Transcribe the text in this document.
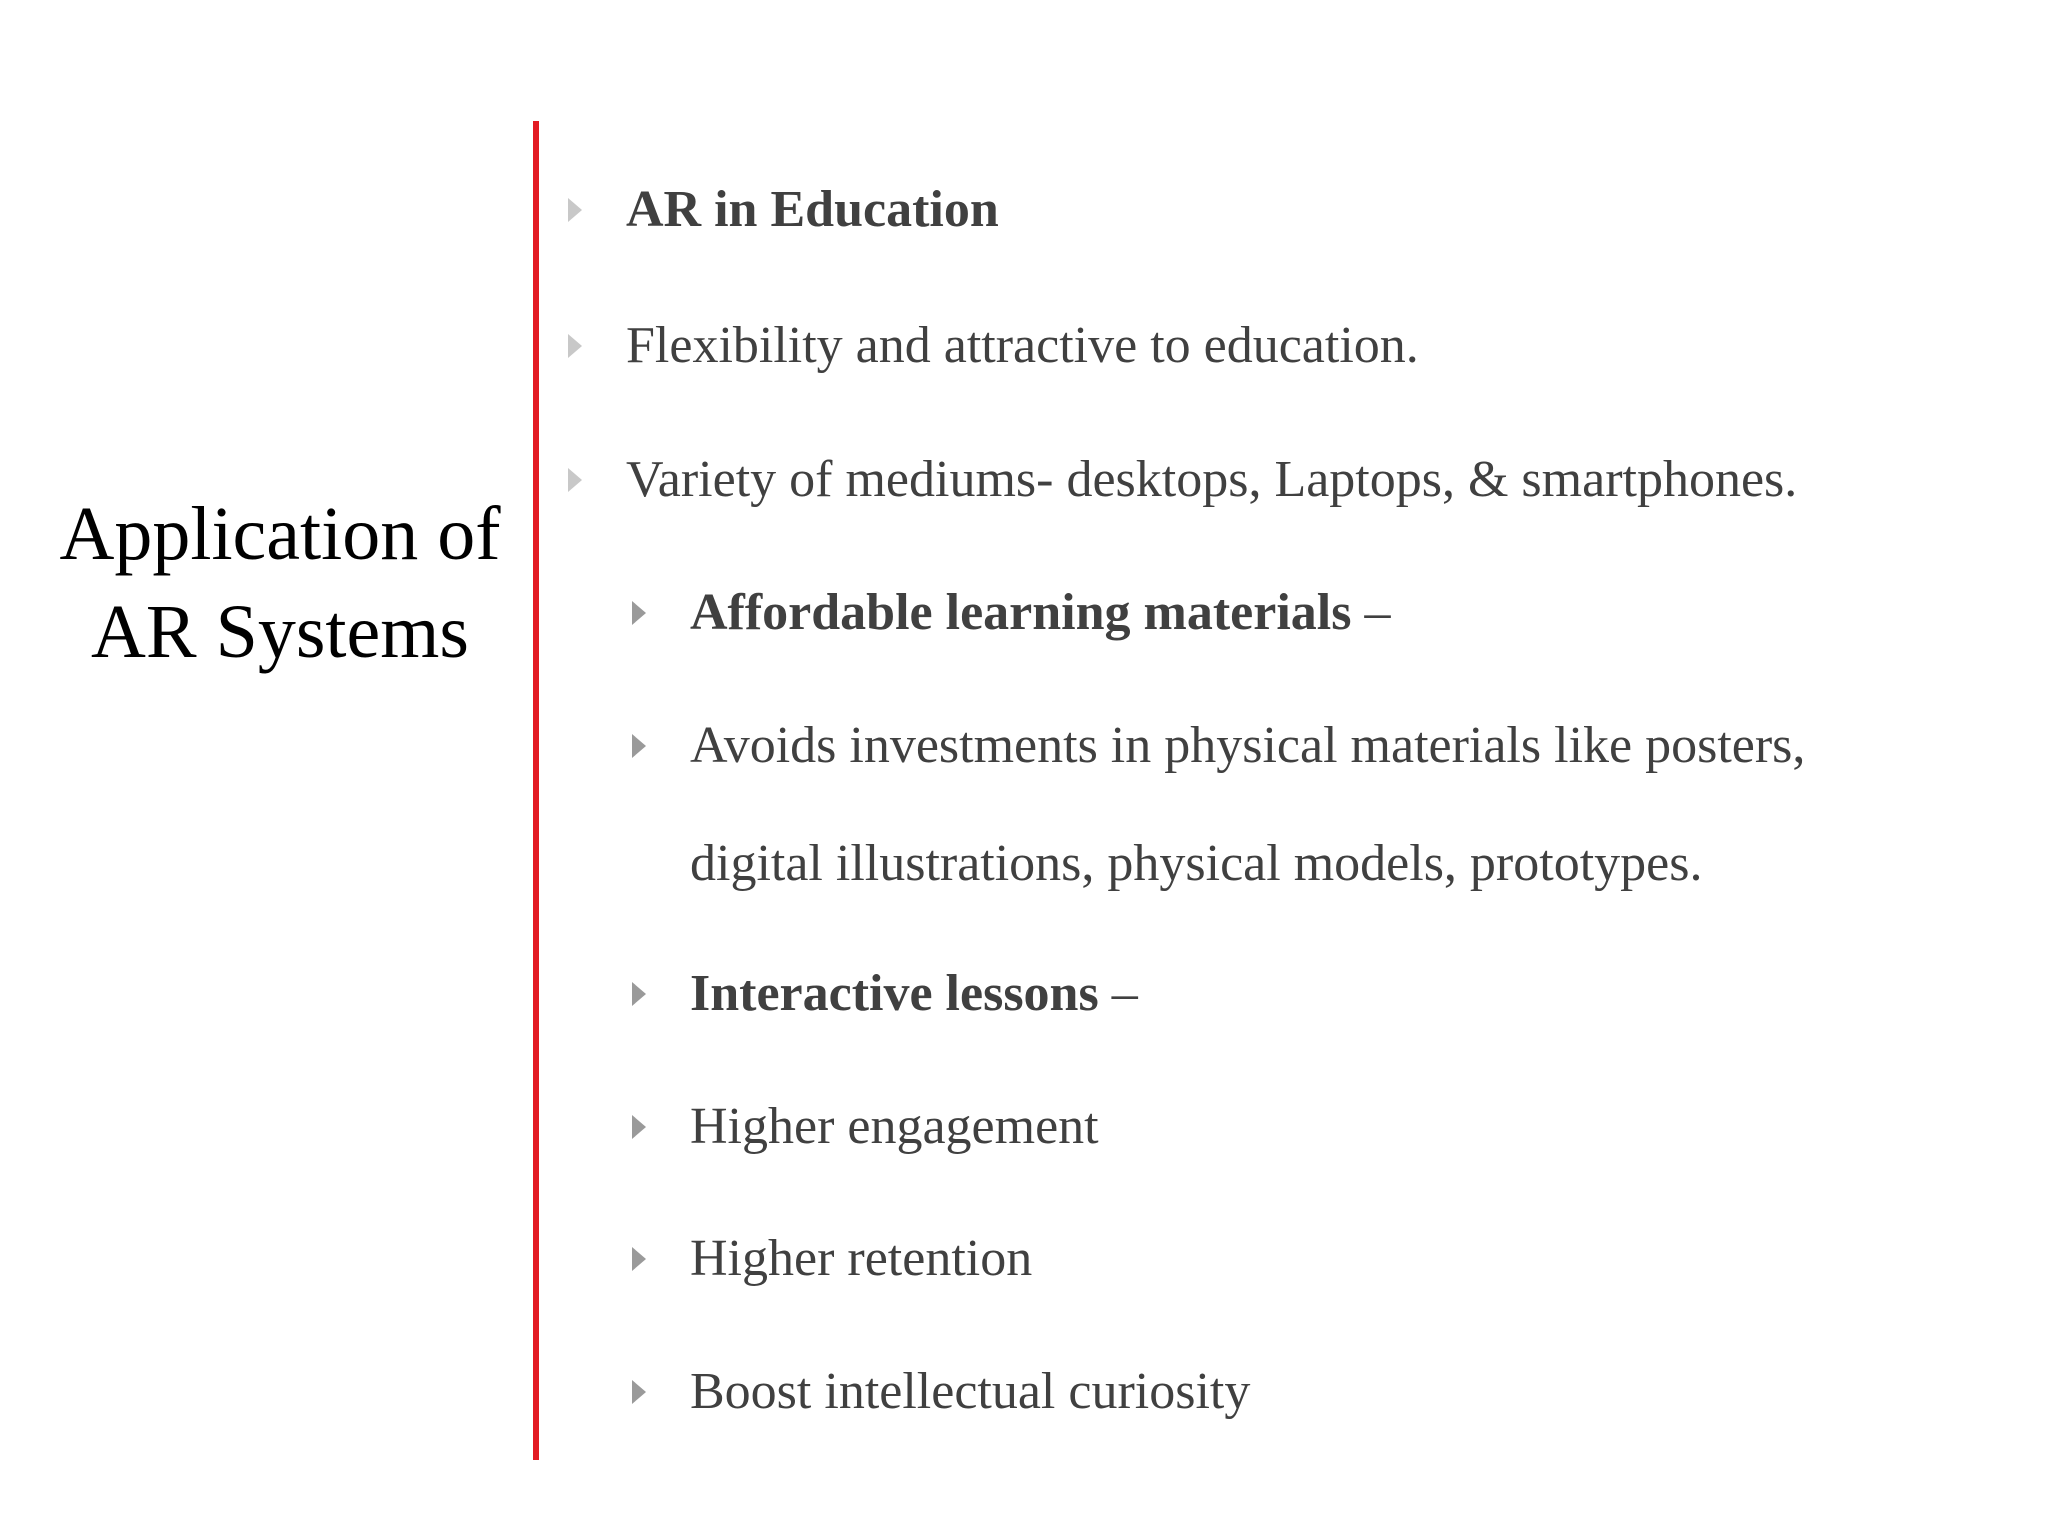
Application of
AR Systems
AR in Education
Flexibility and attractive to education.
Variety of mediums- desktops, Laptops, & smartphones.
Affordable learning materials –
Avoids investments in physical materials like posters,
digital illustrations, physical models, prototypes.
Interactive lessons –
Higher engagement
Higher retention
Boost intellectual curiosity
